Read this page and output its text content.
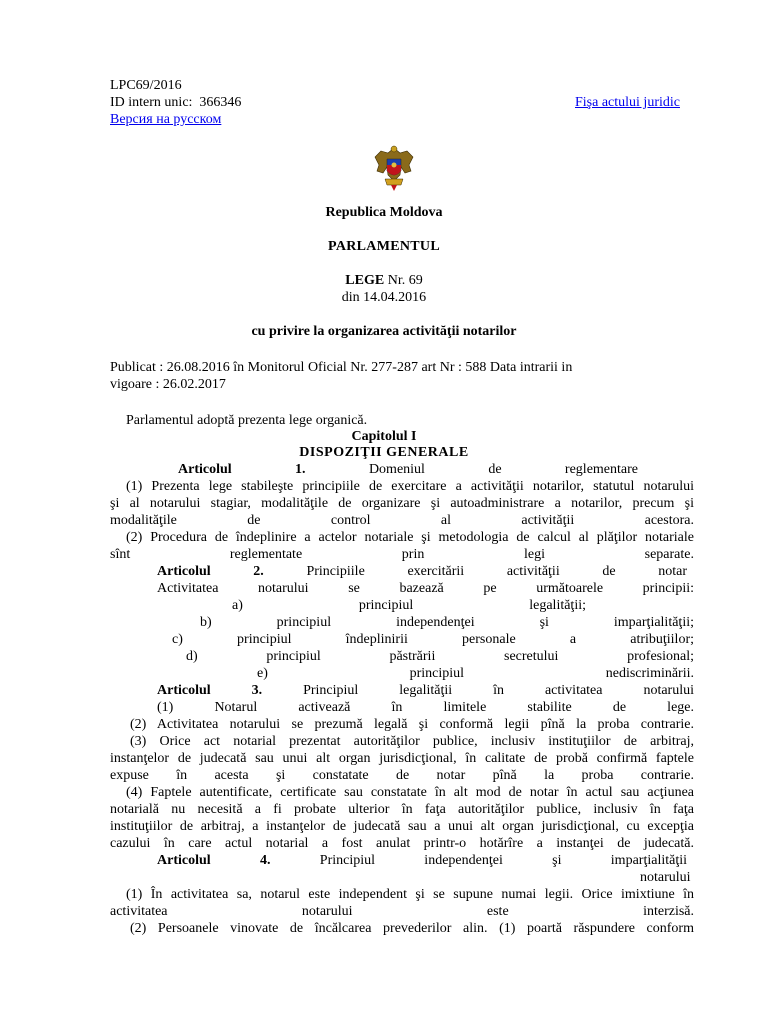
LPC69/2016
ID intern unic: 366346	Fişa actului juridic
Версия на русском
Republica Moldova
PARLAMENTUL
LEGE Nr. 69
din 14.04.2016
cu privire la organizarea activităţii notarilor
Publicat : 26.08.2016 în Monitorul Oficial Nr. 277-287 art Nr : 588 Data intrarii in
vigoare : 26.02.2017
Parlamentul adoptă prezenta lege organică.
Capitolul I
DISPOZIŢII GENERALE
Articolul 1. Domeniul de reglementare
(1) Prezenta lege stabileşte principiile de exercitare a activităţii notarilor, statutul notarului
şi al notarului stagiar, modalităţile de organizare şi autoadministrare a notarilor, precum şi
modalităţile de control al activităţii acestora.
(2) Procedura de îndeplinire a actelor notariale şi metodologia de calcul al plăţilor notariale
sînt reglementate prin legi separate.
Articolul 2. Principiile exercitării activităţii de notar
Activitatea notarului se bazează pe următoarele principii:
a) principiul legalităţii;
b) principiul independenţei şi imparţialităţii;
c) principiul îndeplinirii personale a atribuţiilor;
d) principiul păstrării secretului profesional;
e) principiul nediscriminării.
Articolul 3. Principiul legalităţii în activitatea notarului
(1) Notarul activează în limitele stabilite de lege.
(2) Activitatea notarului se prezumă legală şi conformă legii pînă la proba contrarie.
(3) Orice act notarial prezentat autorităţilor publice, inclusiv instituţiilor de arbitraj,
instanţelor de judecată sau unui alt organ jurisdicţional, în calitate de probă confirmă faptele
expuse în acesta şi constatate de notar pînă la proba contrarie.
(4) Faptele autentificate, certificate sau constatate în alt mod de notar în actul sau acţiunea
notarială nu necesită a fi probate ulterior în faţa autorităţilor publice, inclusiv în faţa
instituţiilor de arbitraj, a instanţelor de judecată sau a unui alt organ jurisdicţional, cu excepţia
cazului în care actul notarial a fost anulat printr-o hotărîre a instanţei de judecată.
Articolul 4. Principiul independenţei şi imparţialităţii
notarului
(1) În activitatea sa, notarul este independent şi se supune numai legii. Orice imixtiune în
activitatea notarului este interzisă.
(2) Persoanele vinovate de încălcarea prevederilor alin. (1) poartă răspundere conform
